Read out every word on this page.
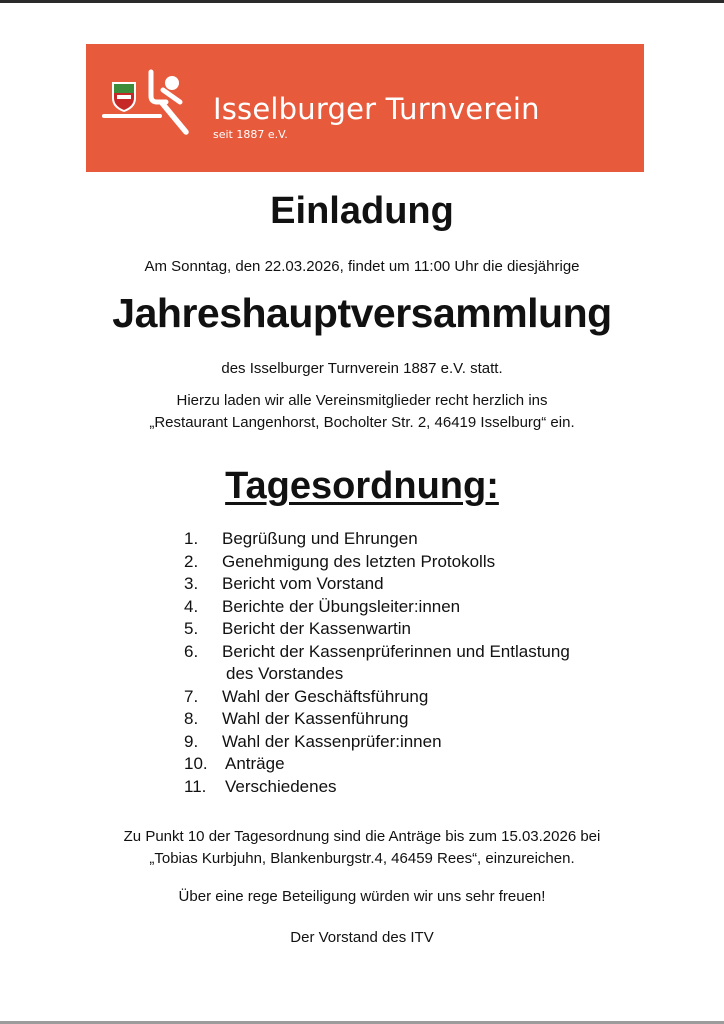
Isselburger Turnverein
seit 1887 e.V.
Einladung
Am Sonntag, den 22.03.2026, findet um 11:00 Uhr die diesjährige
Jahreshauptversammlung
des Isselburger Turnverein 1887 e.V. statt.
Hierzu laden wir alle Vereinsmitglieder recht herzlich ins
„Restaurant Langenhorst, Bocholter Str. 2, 46419 Isselburg“ ein.
Tagesordnung:
1. Begrüßung und Ehrungen
2. Genehmigung des letzten Protokolls
3. Bericht vom Vorstand
4. Berichte der Übungsleiter:innen
5. Bericht der Kassenwartin
6. Bericht der Kassenprüferinnen und Entlastung
des Vorstandes
7. Wahl der Geschäftsführung
8. Wahl der Kassenführung
9. Wahl der Kassenprüfer:innen
10. Anträge
11. Verschiedenes
Zu Punkt 10 der Tagesordnung sind die Anträge bis zum 15.03.2026 bei
„Tobias Kurbjuhn, Blankenburgstr.4, 46459 Rees“, einzureichen.
Über eine rege Beteiligung würden wir uns sehr freuen!
Der Vorstand des ITV
